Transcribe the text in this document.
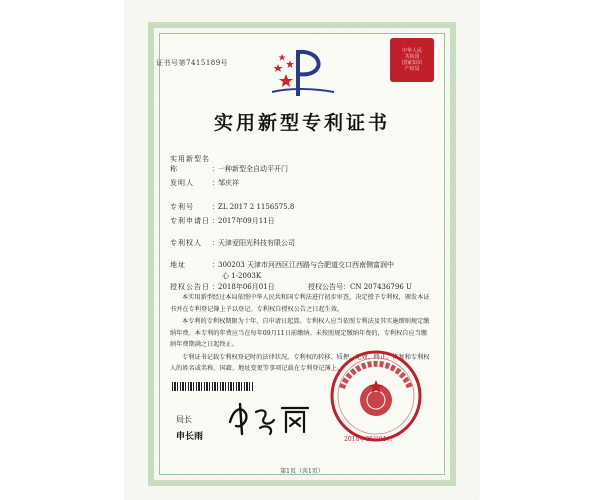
证书号第7415189号
中华人民
共和国
国家知识
产权局
实用新型专利证书
实用新型名称	：一种新型全自动平开门
发明人	：邹庆祥
专利号	：ZL 2017 2 1156575.8
专利申请日 ：2017年09月11日
专利权人 ：天津爱阳光科技有限公司
地址	：300203 天津市河西区江西路与合肥道交口西南侧富润中
心 1-2003K
授权公告日 ：2018年06月01日	授权公告号：CN 207436796 U

本实用新型经过本局依照中华人民共和国专利法进行初步审查，决定授予专利权，颁发本证书并在专利登记簿上予以登记。专利权自授权公告之日起生效。

本专利的专利权期限为十年，自申请日起算。专利权人应当依照专利法及其实施细则规定缴纳年费。本专利的年费应当在每年09月11日前缴纳。未按照规定缴纳年费的，专利权自应当缴纳年费期满之日起终止。

专利证书记载专利权登记时的法律状况。专利权的转移、质押、无效、终止、恢复和专利权人的姓名或名称、国籍、地址变更等事项记载在专利登记簿上。

局长
申长雨	2018年06月01日
第1页（共1页）
